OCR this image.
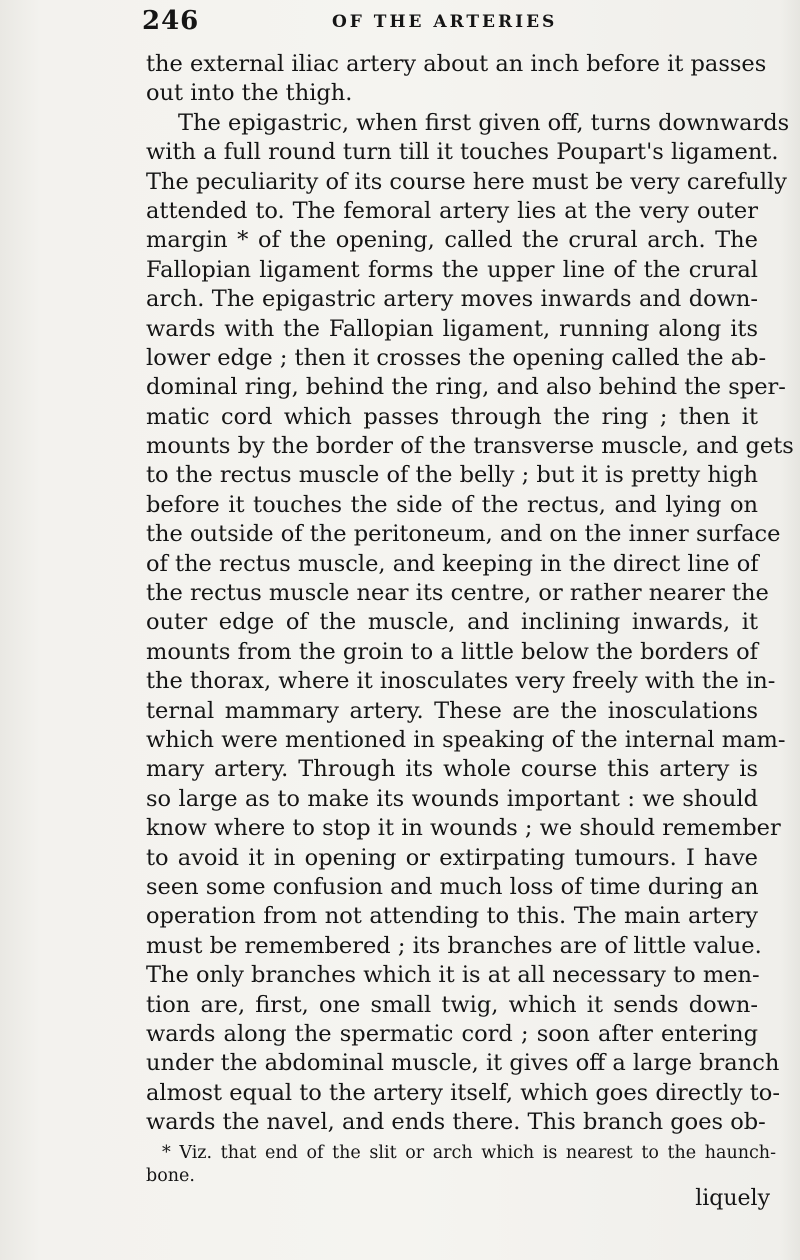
246	OF THE ARTERIES
the external iliac artery about an inch before it passes
out into the thigh.
The epigastric, when first given off, turns downwards
with a full round turn till it touches Poupart's ligament.
The peculiarity of its course here must be very carefully
attended to. The femoral artery lies at the very outer
margin * of the opening, called the crural arch. The
Fallopian ligament forms the upper line of the crural
arch. The epigastric artery moves inwards and down-
wards with the Fallopian ligament, running along its
lower edge ; then it crosses the opening called the ab-
dominal ring, behind the ring, and also behind the sper-
matic cord which passes through the ring ; then it
mounts by the border of the transverse muscle, and gets
to the rectus muscle of the belly ; but it is pretty high
before it touches the side of the rectus, and lying on
the outside of the peritoneum, and on the inner surface
of the rectus muscle, and keeping in the direct line of
the rectus muscle near its centre, or rather nearer the
outer edge of the muscle, and inclining inwards, it
mounts from the groin to a little below the borders of
the thorax, where it inosculates very freely with the in-
ternal mammary artery. These are the inosculations
which were mentioned in speaking of the internal mam-
mary artery. Through its whole course this artery is
so large as to make its wounds important : we should
know where to stop it in wounds ; we should remember
to avoid it in opening or extirpating tumours. I have
seen some confusion and much loss of time during an
operation from not attending to this. The main artery
must be remembered ; its branches are of little value.
The only branches which it is at all necessary to men-
tion are, first, one small twig, which it sends down-
wards along the spermatic cord ; soon after entering
under the abdominal muscle, it gives off a large branch
almost equal to the artery itself, which goes directly to-
wards the navel, and ends there. This branch goes ob-
* Viz. that end of the slit or arch which is nearest to the haunch-
bone.
liquely
